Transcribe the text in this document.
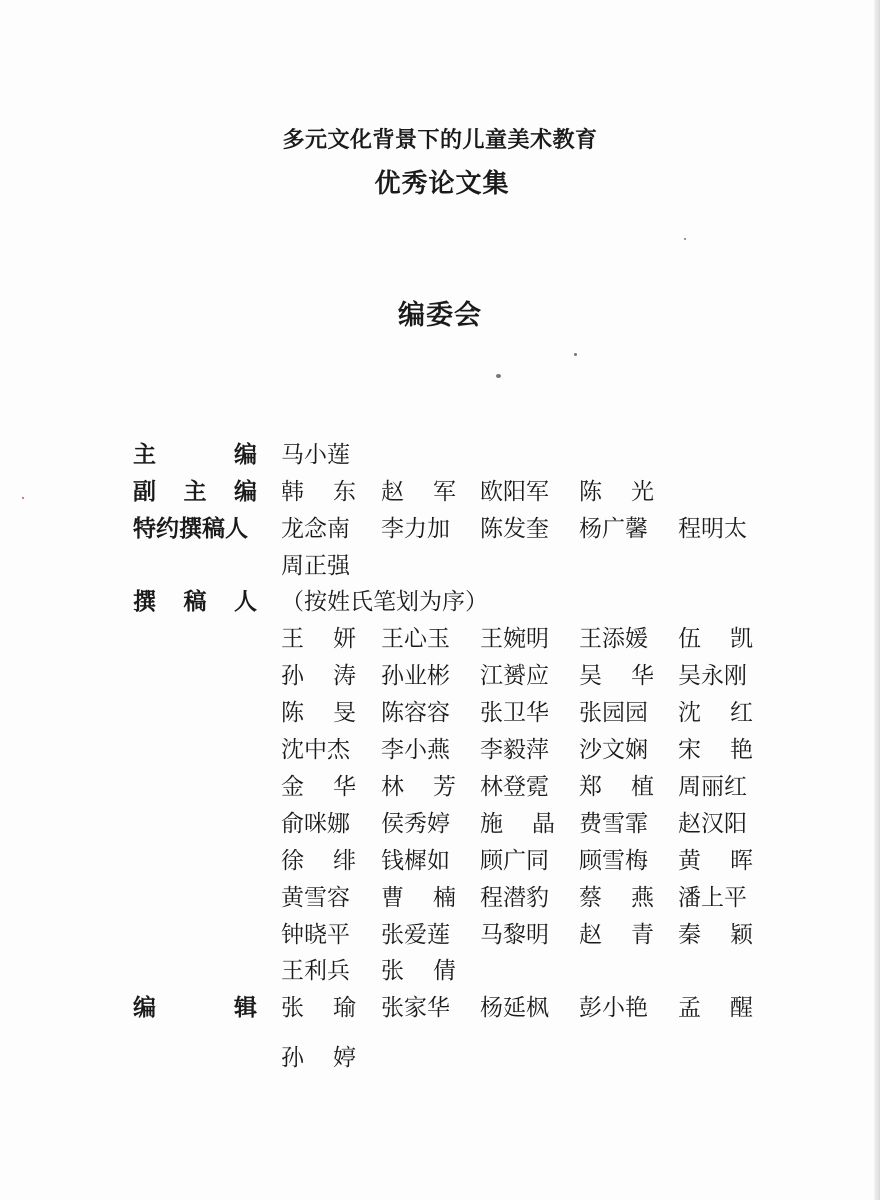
多元文化背景下的儿童美术教育
优秀论文集
编委会
主	编 马小莲
副 主 编 韩 东 赵 军 欧阳军 陈 光
特约撰稿人 龙念南 李力加 陈发奎 杨广馨 程明太
周正强
撰 稿 人 （按姓氏笔划为序）
王 妍 王心玉 王婉明 王添媛 伍 凯
孙 涛 孙业彬 江赟应 吴 华 吴永刚
陈 旻 陈容容 张卫华 张园园 沈 红
沈中杰 李小燕 李毅萍 沙文娴 宋 艳
金 华 林 芳 林登霓 郑 植 周丽红
俞咪娜 侯秀婷 施 晶 费雪霏 赵汉阳
徐 绯 钱樨如 顾广同 顾雪梅 黄 晖
黄雪容 曹 楠 程潜豹 蔡 燕 潘上平
钟晓平 张爱莲 马黎明 赵 青 秦 颖
王利兵 张 倩
编	辑 张 瑜 张家华 杨延枫 彭小艳 孟 醒
孙 婷
